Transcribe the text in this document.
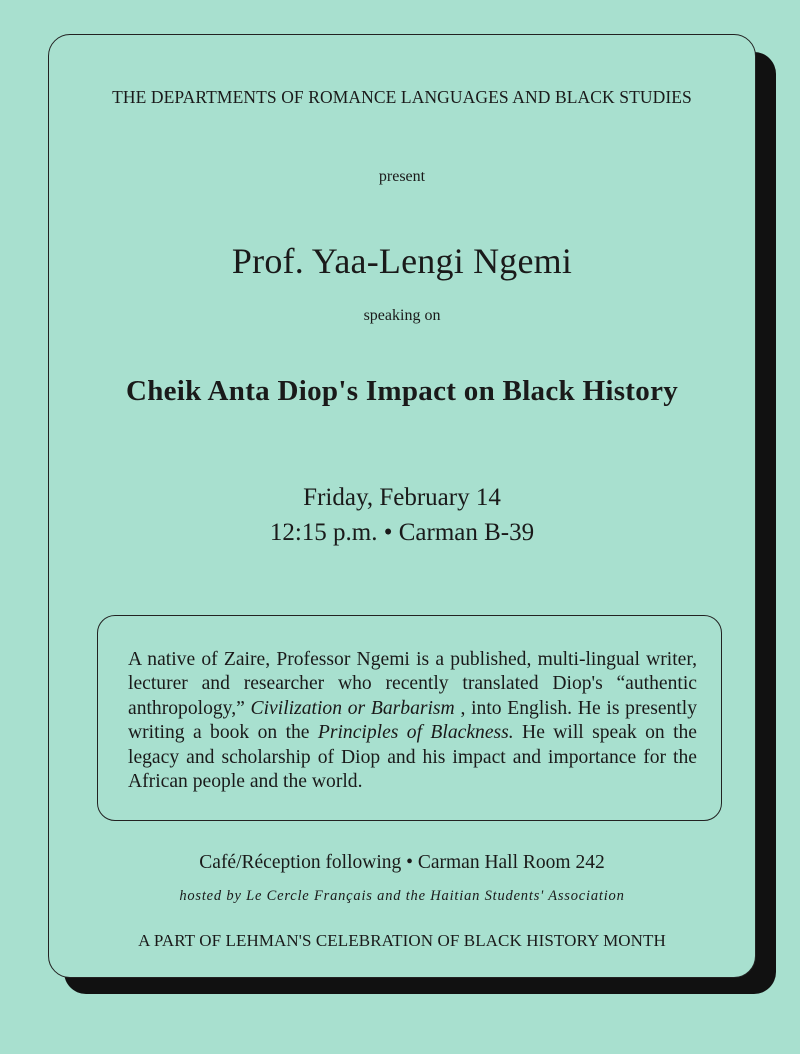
THE DEPARTMENTS OF ROMANCE LANGUAGES AND BLACK STUDIES
present
Prof. Yaa-Lengi Ngemi
speaking on
Cheik Anta Diop's Impact on Black History
Friday, February 14
12:15 p.m. • Carman B-39

A native of Zaire, Professor Ngemi is a published, multi-lingual writer, lecturer and researcher who recently translated Diop's “authentic anthropology,” Civilization or Barbarism , into English. He is presently writing a book on the Principles of Blackness. He will speak on the legacy and scholarship of Diop and his impact and importance for the African people and the world.

Café/Réception following • Carman Hall Room 242
hosted by Le Cercle Français and the Haitian Students' Association
A PART OF LEHMAN'S CELEBRATION OF BLACK HISTORY MONTH
